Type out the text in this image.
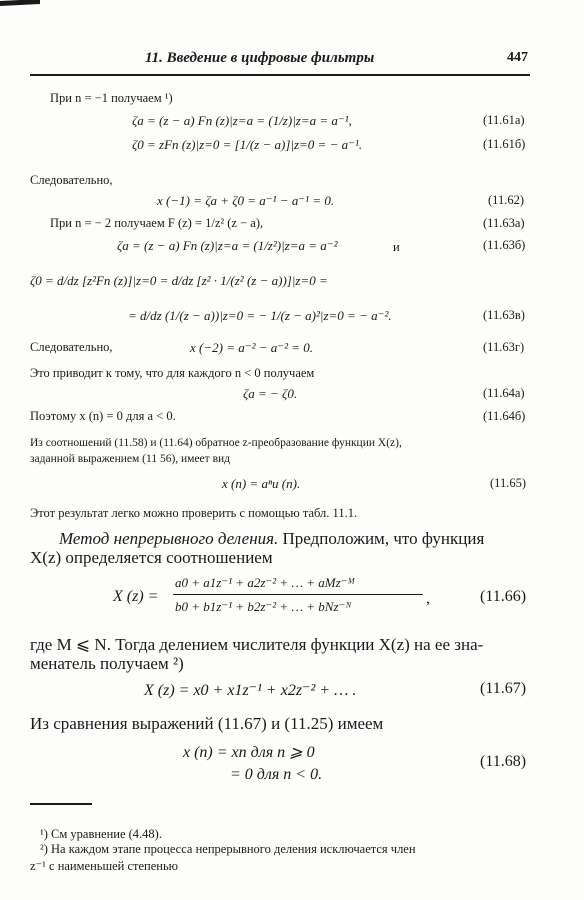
11. Введение в цифровые фильтры	447
При n = −1 получаем ¹)
ζa = (z − a) Fn (z)|z=a = (1/z)|z=a = a⁻¹,	(11.61a)
ζ0 = zFn (z)|z=0 = [1/(z − a)]|z=0 = − a⁻¹.	(11.61б)
Следовательно,
x (−1) = ζa + ζ0 = a⁻¹ − a⁻¹ = 0.	(11.62)
При n = − 2 получаем F (z) = 1/z² (z − a),	(11.63a)
ζa = (z − a) Fn (z)|z=a = (1/z²)|z=a = a⁻²	и	(11.63б)
ζ0 = d/dz [z²Fn (z)]|z=0 = d/dz [z² · 1/(z² (z − a))]|z=0 =
= d/dz (1/(z − a))|z=0 = − 1/(z − a)²|z=0 = − a⁻².	(11.63в)
Следовательно,	x (−2) = a⁻² − a⁻² = 0.	(11.63г)
Это приводит к тому, что для каждого n < 0 получаем
ζa = − ζ0.	(11.64a)
Поэтому x (n) = 0 для a < 0.	(11.64б)
Из соотношений (11.58) и (11.64) обратное z-преобразование функции X(z),
заданной выражением (11 56), имеет вид
x (n) = aⁿu (n).	(11.65)
Этот результат легко можно проверить с помощью табл. 11.1.
Метод непрерывного деления. Предположим, что функция
X(z) определяется соотношением
X (z) =
a0 + a1z⁻¹ + a2z⁻² + … + aMz⁻ᴹ
b0 + b1z⁻¹ + b2z⁻² + … + bNz⁻ᴺ	,	(11.66)
где M ⩽ N. Тогда делением числителя функции X(z) на ее зна-
менатель получаем ²)
X (z) = x0 + x1z⁻¹ + x2z⁻² + … .	(11.67)
Из сравнения выражений (11.67) и (11.25) имеем
x (n) = xn для n ⩾ 0
= 0 для n < 0.
(11.68)
¹) См уравнение (4.48).
²) На каждом этапе процесса непрерывного деления исключается член
z⁻¹ с наименьшей степенью
